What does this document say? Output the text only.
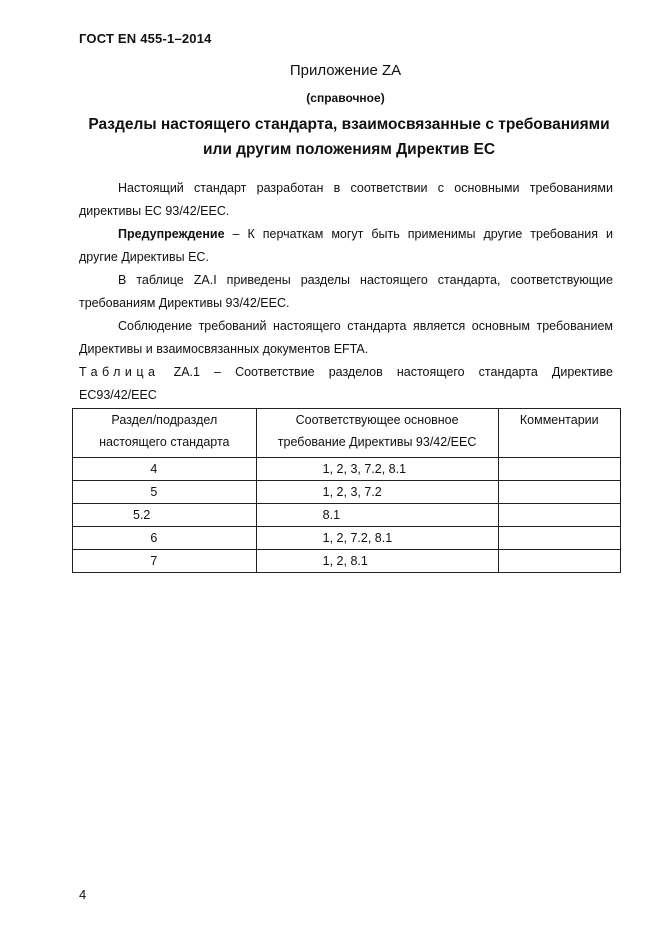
ГОСТ EN 455-1–2014
Приложение ZA
(справочное)
Разделы настоящего стандарта, взаимосвязанные с требованиями
или другим положениям Директив ЕС
Настоящий стандарт разработан в соответствии с основными требованиями директивы ЕС 93/42/EEC.
Предупреждение – К перчаткам могут быть применимы другие требования и другие Директивы ЕС.
В таблице ZA.I приведены разделы настоящего стандарта, соответствующие требованиям Директивы 93/42/EEC.
Соблюдение требований настоящего стандарта является основным требованием Директивы и взаимосвязанных документов EFTA.
Таблица ZA.1 – Соответствие разделов настоящего стандарта Директиве EC93/42/EEC
Раздел/подраздел настоящего стандарта	Соответствующее основное требование Директивы 93/42/EEC	Комментарии
4	1, 2, 3, 7.2, 8.1	
5	1, 2, 3, 7.2	
5.2	8.1	
6	1, 2, 7.2, 8.1	
7	1, 2, 8.1	
4
